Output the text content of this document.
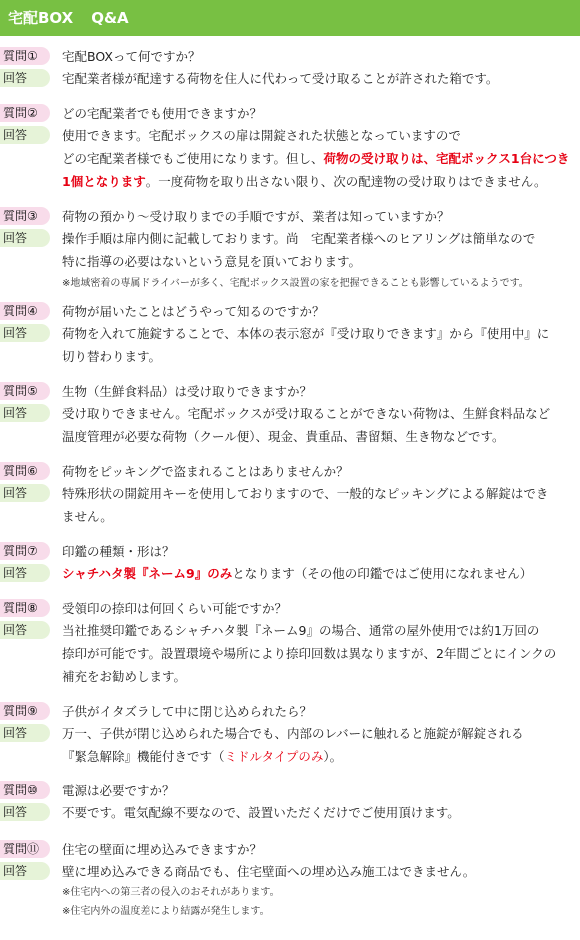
宅配BOX Q&A
質問①	宅配BOXって何ですか？
回答	宅配業者様が配達する荷物を住人に代わって受け取ることが許された箱です。
質問②	どの宅配業者でも使用できますか？
回答	使用できます。宅配ボックスの扉は開錠された状態となっていますので
どの宅配業者様でもご使用になります。但し、荷物の受け取りは、宅配ボックス1台につき
1個となります。一度荷物を取り出さない限り、次の配達物の受け取りはできません。
質問③	荷物の預かり～受け取りまでの手順ですが、業者は知っていますか？
回答	操作手順は扉内側に記載しております。尚　宅配業者様へのヒアリングは簡単なので
特に指導の必要はないという意見を頂いております。
※地域密着の専属ドライバーが多く、宅配ボックス設置の家を把握できることも影響しているようです。
質問④	荷物が届いたことはどうやって知るのですか？
回答	荷物を入れて施錠することで、本体の表示窓が『受け取りできます』から『使用中』に
切り替わります。
質問⑤	生物（生鮮食料品）は受け取りできますか？
回答	受け取りできません。宅配ボックスが受け取ることができない荷物は、生鮮食料品など
温度管理が必要な荷物（クール便）、現金、貴重品、書留類、生き物などです。
質問⑥	荷物をピッキングで盗まれることはありませんか？
回答	特殊形状の開錠用キーを使用しておりますので、一般的なピッキングによる解錠はでき
ません。
質問⑦	印鑑の種類・形は？
回答	シャチハタ製『ネーム9』のみとなります（その他の印鑑ではご使用になれません）
質問⑧	受領印の捺印は何回くらい可能ですか？
回答	当社推奨印鑑であるシャチハタ製『ネーム9』の場合、通常の屋外使用では約1万回の
捺印が可能です。設置環境や場所により捺印回数は異なりますが、2年間ごとにインクの
補充をお勧めします。
質問⑨	子供がイタズラして中に閉じ込められたら？
回答	万一、子供が閉じ込められた場合でも、内部のレバーに触れると施錠が解錠される
『緊急解除』機能付きです（ミドルタイプのみ）。
質問⑩	電源は必要ですか？
回答	不要です。電気配線不要なので、設置いただくだけでご使用頂けます。
質問⑪	住宅の壁面に埋め込みできますか？
回答	壁に埋め込みできる商品でも、住宅壁面への埋め込み施工はできません。
※住宅内への第三者の侵入のおそれがあります。
※住宅内外の温度差により結露が発生します。
